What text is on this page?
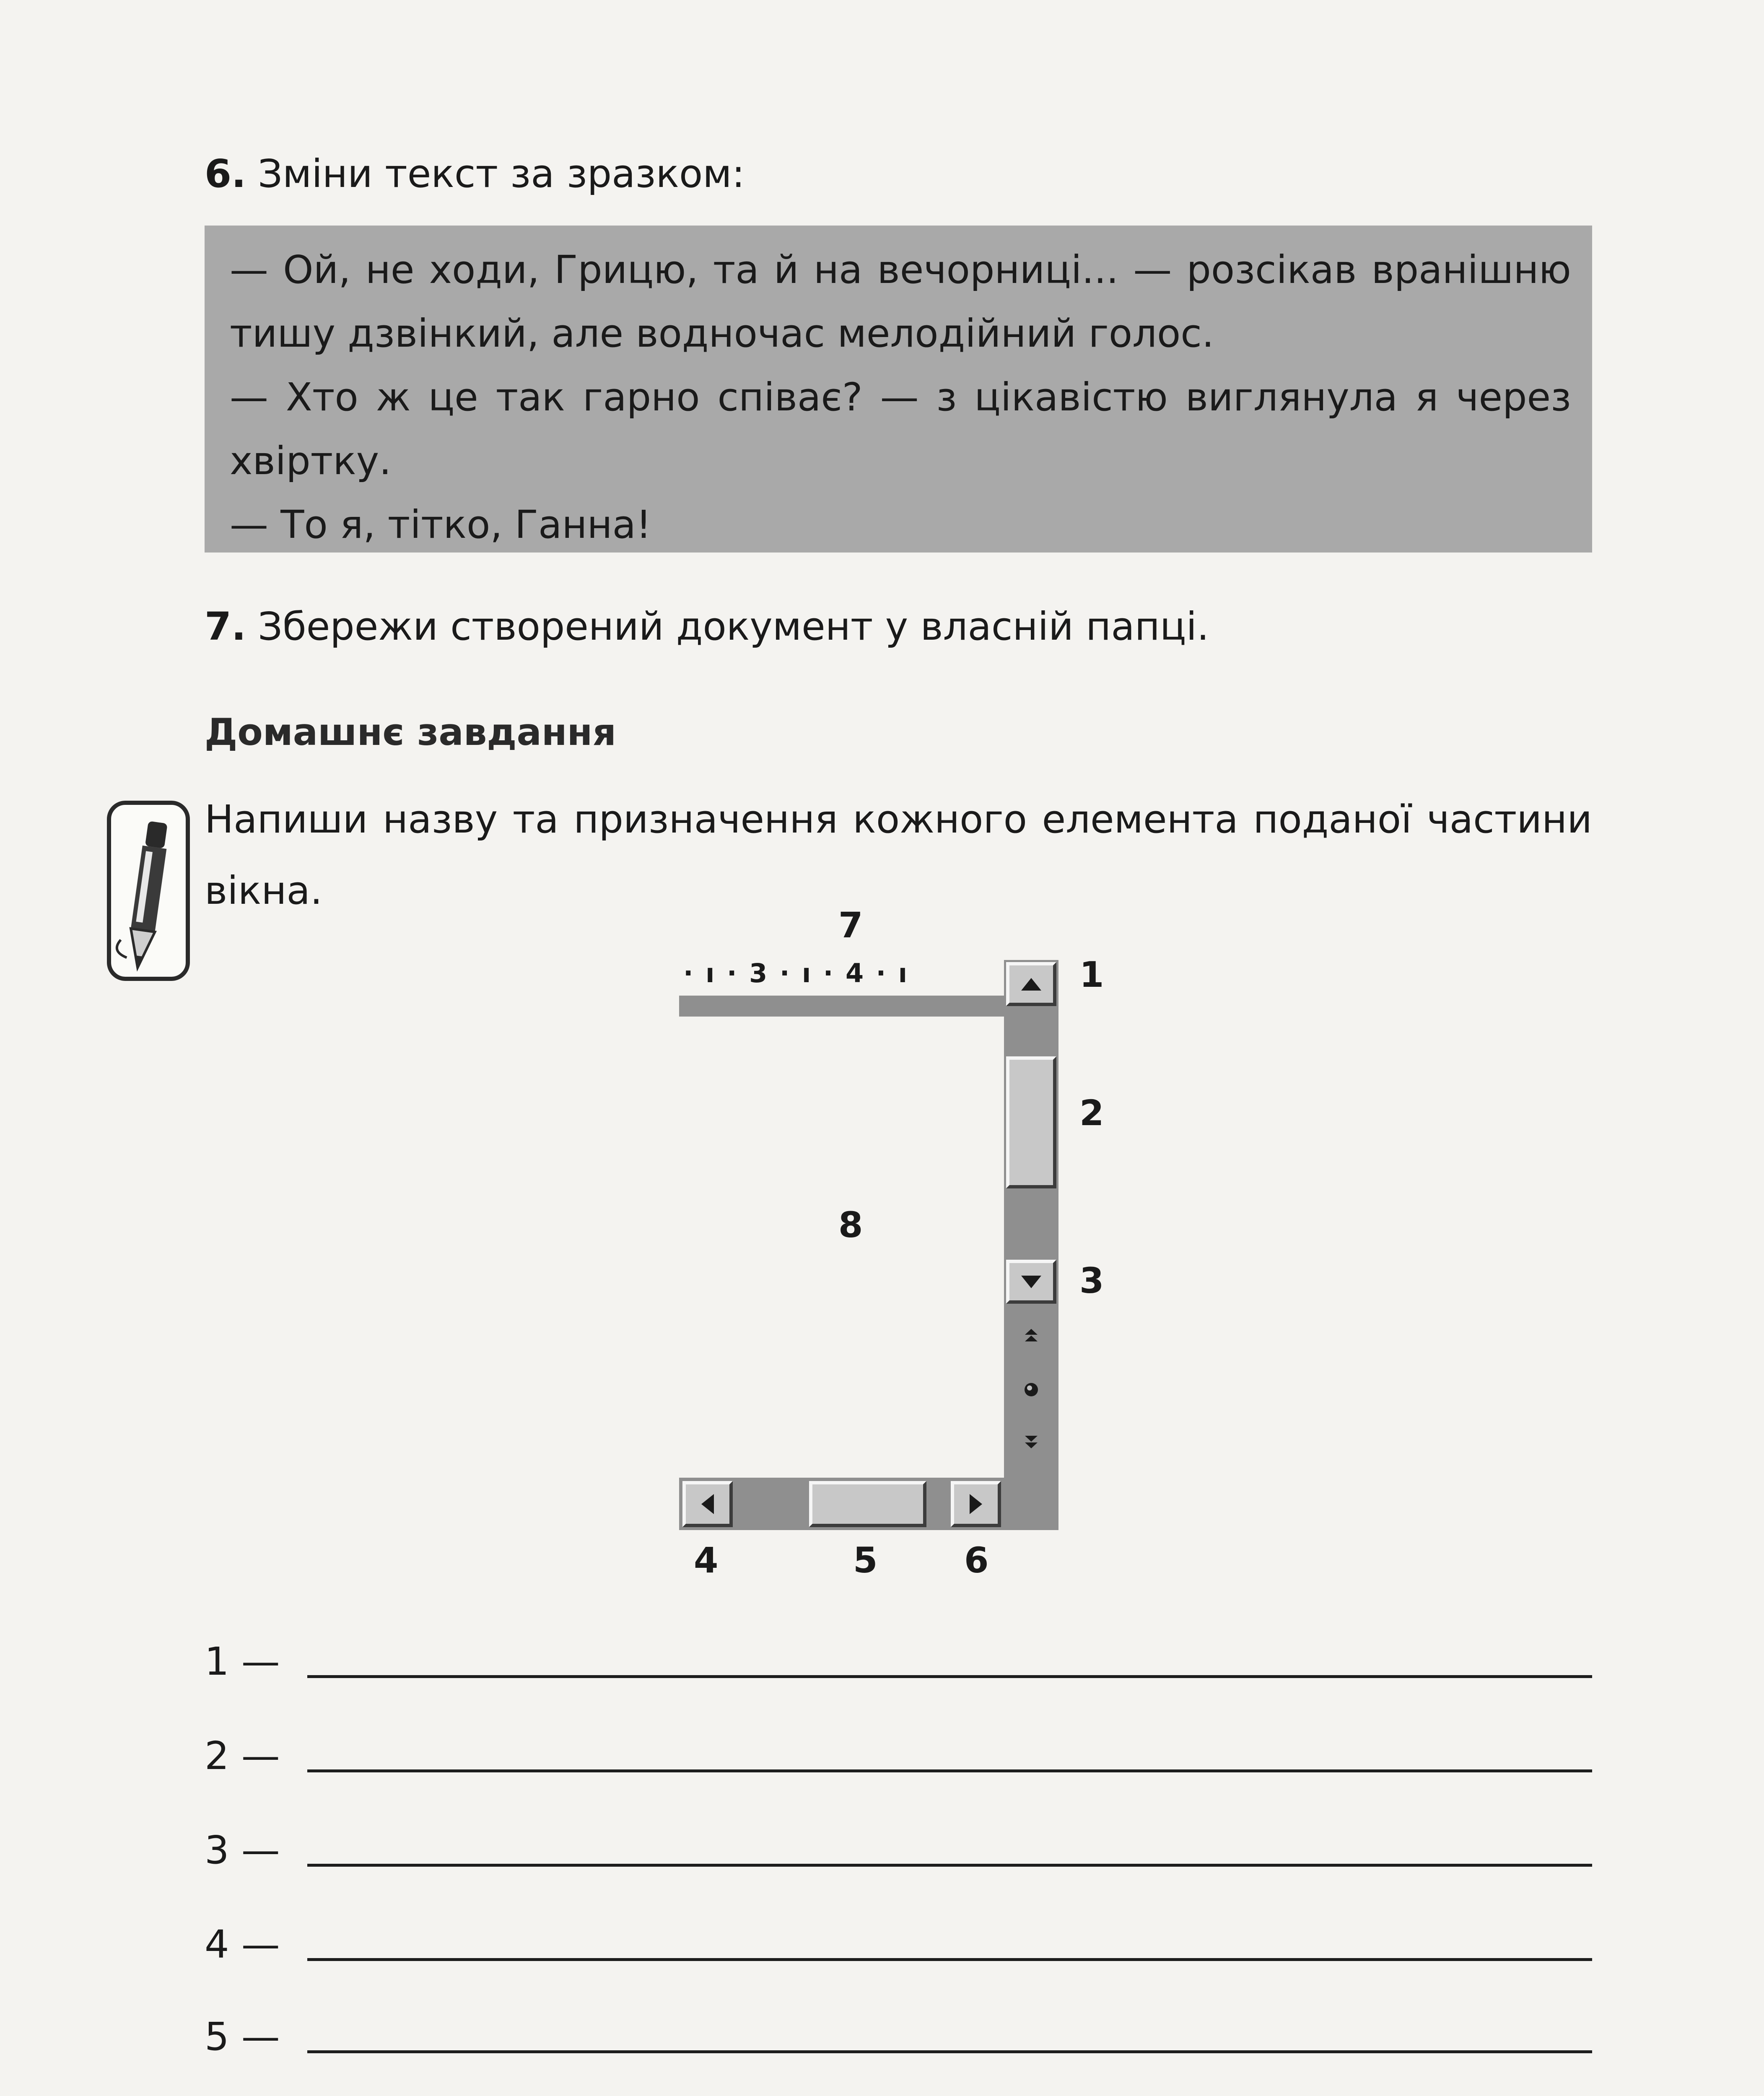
6. Зміни текст за зразком:

— Ой, не ходи, Грицю, та й на вечорниці... — розсікав вранішню

тишу дзвінкий, але водночас мелодійний голос.

— Хто ж це так гарно співає? — з цікавістю виглянула я через

хвіртку.

— То я, тітко, Ганна!

7. Збережи створений документ у власній папці.
Домашнє завдання

Напиши назву та призначення кожного елемента поданої частини

вікна.

· ı · 3 · ı · 4 · ı
7
1
2
8
3
4	5 6
1 —
2 —
3 —
4 —
5 —
